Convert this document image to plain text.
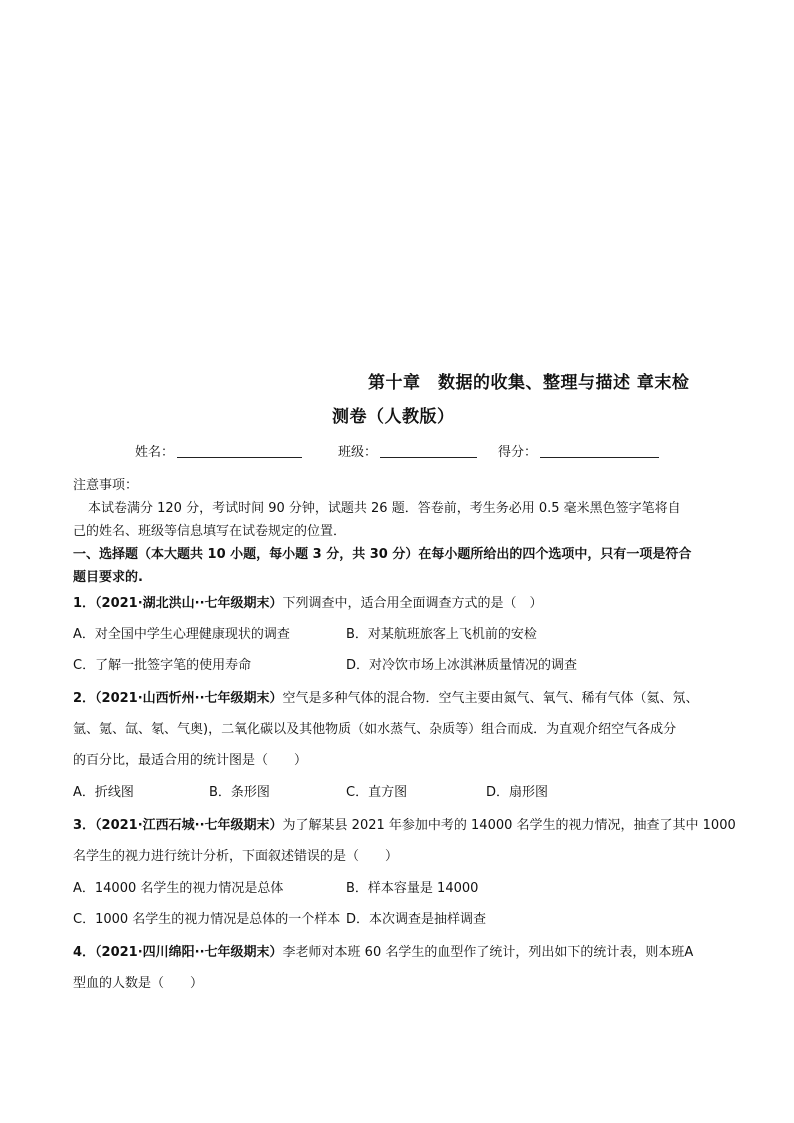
第十章　数据的收集、整理与描述 章末检
测卷（人教版）
姓名：	班级：	得分：
注意事项：
本试卷满分 120 分，考试时间 90 分钟，试题共 26 题．答卷前，考生务必用 0.5 毫米黑色签字笔将自
己的姓名、班级等信息填写在试卷规定的位置．
一、选择题（本大题共 10 小题，每小题 3 分，共 30 分）在每小题所给出的四个选项中，只有一项是符合
题目要求的.
1．（2021·湖北洪山··七年级期末）下列调查中，适合用全面调查方式的是（　）
A．对全国中学生心理健康现状的调查	B．对某航班旅客上飞机前的安检
C．了解一批签字笔的使用寿命	D．对冷饮市场上冰淇淋质量情况的调查
2．（2021·山西忻州··七年级期末）空气是多种气体的混合物．空气主要由氮气、氧气、稀有气体（氦、氖、
氩、氪、氙、氡、气奥)，二氧化碳以及其他物质（如水蒸气、杂质等）组合而成．为直观介绍空气各成分
的百分比，最适合用的统计图是（　　）
A．折线图	B．条形图	C．直方图	D．扇形图
3．（2021·江西石城··七年级期末）为了解某县 2021 年参加中考的 14000 名学生的视力情况，抽查了其中 1000
名学生的视力进行统计分析，下面叙述错误的是（　　）
A．14000 名学生的视力情况是总体	B．样本容量是 14000
C．1000 名学生的视力情况是总体的一个样本 D．本次调查是抽样调查
4．（2021·四川绵阳··七年级期末）李老师对本班 60 名学生的血型作了统计，列出如下的统计表，则本班A
型血的人数是（　　）
